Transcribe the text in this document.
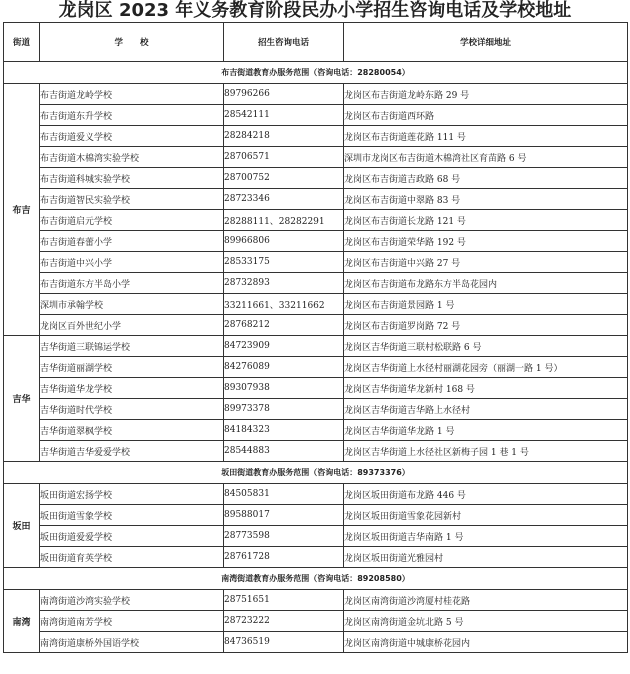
龙岗区 2023 年义务教育阶段民办小学招生咨询电话及学校地址
街道	学　　校	招生咨询电话	学校详细地址
布吉街道教育办服务范围（咨询电话：28280054）			
布吉	布吉街道龙岭学校	89796266	龙岗区布吉街道龙岭东路 29 号
	布吉街道东升学校	28542111	龙岗区布吉街道西环路
	布吉街道爱义学校	28284218	龙岗区布吉街道莲花路 111 号
	布吉街道木棉湾实验学校	28706571	深圳市龙岗区布吉街道木棉湾社区育苗路 6 号
	布吉街道科城实验学校	28700752	龙岗区布吉街道吉政路 68 号
	布吉街道智民实验学校	28723346	龙岗区布吉街道中翠路 83 号
	布吉街道启元学校	28288111、28282291	龙岗区布吉街道长龙路 121 号
	布吉街道春蕾小学	89966806	龙岗区布吉街道荣华路 192 号
	布吉街道中兴小学	28533175	龙岗区布吉街道中兴路 27 号
	布吉街道东方半岛小学	28732893	龙岗区布吉街道布龙路东方半岛花园内
	深圳市承翰学校	33211661、33211662	龙岗区布吉街道景园路 1 号
	龙岗区百外世纪小学	28768212	龙岗区布吉街道罗岗路 72 号
吉华	吉华街道三联锦运学校	84723909	龙岗区吉华街道三联村松联路 6 号
	吉华街道丽湖学校	84276089	龙岗区吉华街道上水径村丽湖花园旁（丽湖一路 1 号）
	吉华街道华龙学校	89307938	龙岗区吉华街道华龙新村 168 号
	吉华街道时代学校	89973378	龙岗区吉华街道吉华路上水径村
	吉华街道翠枫学校	84184323	龙岗区吉华街道华龙路 1 号
	吉华街道吉华爱爱学校	28544883	龙岗区吉华街道上水径社区新梅子园 1 巷 1 号
坂田街道教育办服务范围（咨询电话：89373376）			
坂田	坂田街道宏扬学校	84505831	龙岗区坂田街道布龙路 446 号
	坂田街道雪象学校	89588017	龙岗区坂田街道雪象花园新村
	坂田街道爱爱学校	28773598	龙岗区坂田街道吉华南路 1 号
	坂田街道育英学校	28761728	龙岗区坂田街道光雅园村
南湾街道教育办服务范围（咨询电话：89208580）			
南湾	南湾街道沙湾实验学校	28751651	龙岗区南湾街道沙湾厦村桂花路
	南湾街道南芳学校	28723222	龙岗区南湾街道金坑北路 5 号
	南湾街道康桥外国语学校	84736519	龙岗区南湾街道中城康桥花园内
